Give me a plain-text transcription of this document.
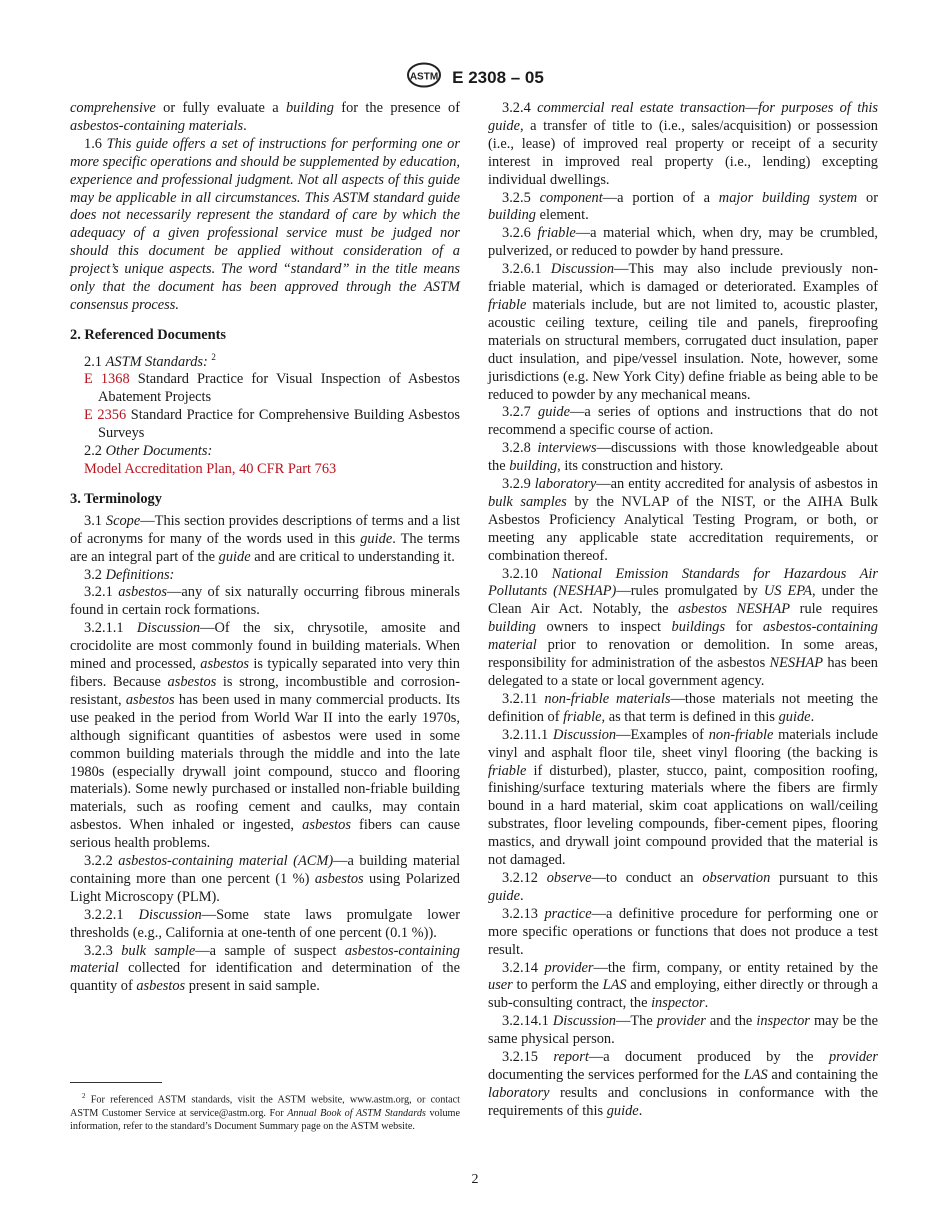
ASTM E 2308 – 05

comprehensive or fully evaluate a building for the presence of asbestos-containing materials.

1.6 This guide offers a set of instructions for performing one or more specific operations and should be supplemented by education, experience and professional judgment. Not all aspects of this guide may be applicable in all circumstances. This ASTM standard guide does not necessarily represent the standard of care by which the adequacy of a given professional service must be judged nor should this document be applied without consideration of a project’s unique aspects. The word “standard” in the title means only that the document has been approved through the ASTM consensus process.

2. Referenced Documents

2.1 ASTM Standards: $^2$

E 1368 Standard Practice for Visual Inspection of Asbestos Abatement Projects

E 2356 Standard Practice for Comprehensive Building Asbestos Surveys

2.2 Other Documents:

Model Accreditation Plan, 40 CFR Part 763

3. Terminology

3.1 Scope—This section provides descriptions of terms and a list of acronyms for many of the words used in this guide. The terms are an integral part of the guide and are critical to understanding it.

3.2 Definitions:

3.2.1 asbestos—any of six naturally occurring fibrous minerals found in certain rock formations.

3.2.1.1 Discussion—Of the six, chrysotile, amosite and crocidolite are most commonly found in building materials. When mined and processed, asbestos is typically separated into very thin fibers. Because asbestos is strong, incombustible and corrosion-resistant, asbestos has been used in many commercial products. Its use peaked in the period from World War II into the early 1970s, although significant quantities of asbestos were used in some common building materials through the middle and into the late 1980s (especially drywall joint compound, stucco and flooring materials). Some newly purchased or installed non-friable building materials, such as roofing cement and caulks, may contain asbestos. When inhaled or ingested, asbestos fibers can cause serious health problems.

3.2.2 asbestos-containing material (ACM)—a building material containing more than one percent (1 %) asbestos using Polarized Light Microscopy (PLM).

3.2.2.1 Discussion—Some state laws promulgate lower thresholds (e.g., California at one-tenth of one percent (0.1 %)).

3.2.3 bulk sample—a sample of suspect asbestos-containing material collected for identification and determination of the quantity of asbestos present in said sample.

$^2$ For referenced ASTM standards, visit the ASTM website, www.astm.org, or contact ASTM Customer Service at service@astm.org. For Annual Book of ASTM Standards volume information, refer to the standard’s Document Summary page on the ASTM website.

3.2.4 commercial real estate transaction—for purposes of this guide, a transfer of title to (i.e., sales/acquisition) or possession (i.e., lease) of improved real property or receipt of a security interest in improved real property (i.e., lending) excepting individual dwellings.

3.2.5 component—a portion of a major building system or building element.

3.2.6 friable—a material which, when dry, may be crumbled, pulverized, or reduced to powder by hand pressure.

3.2.6.1 Discussion—This may also include previously non-friable material, which is damaged or deteriorated. Examples of friable materials include, but are not limited to, acoustic plaster, acoustic ceiling texture, ceiling tile and panels, fireproofing materials on structural members, corrugated duct insulation, paper duct insulation, and pipe/vessel insulation. Note, however, some jurisdictions (e.g. New York City) define friable as being able to be reduced to powder by any mechanical means.

3.2.7 guide—a series of options and instructions that do not recommend a specific course of action.

3.2.8 interviews—discussions with those knowledgeable about the building, its construction and history.

3.2.9 laboratory—an entity accredited for analysis of asbestos in bulk samples by the NVLAP of the NIST, or the AIHA Bulk Asbestos Proficiency Analytical Testing Program, or both, or meeting any applicable state accreditation requirements, or combination thereof.

3.2.10 National Emission Standards for Hazardous Air Pollutants (NESHAP)—rules promulgated by US EPA, under the Clean Air Act. Notably, the asbestos NESHAP rule requires building owners to inspect buildings for asbestos-containing material prior to renovation or demolition. In some areas, responsibility for administration of the asbestos NESHAP has been delegated to a state or local government agency.

3.2.11 non-friable materials—those materials not meeting the definition of friable, as that term is defined in this guide.

3.2.11.1 Discussion—Examples of non-friable materials include vinyl and asphalt floor tile, sheet vinyl flooring (the backing is friable if disturbed), plaster, stucco, paint, composition roofing, finishing/surface texturing materials where the fibers are firmly bound in a hard material, skim coat applications on wall/ceiling substrates, floor leveling compounds, fiber-cement pipes, flooring mastics, and drywall joint compound provided that the material is not damaged.

3.2.12 observe—to conduct an observation pursuant to this guide.

3.2.13 practice—a definitive procedure for performing one or more specific operations or functions that does not produce a test result.

3.2.14 provider—the firm, company, or entity retained by the user to perform the LAS and employing, either directly or through a sub-consulting contract, the inspector.

3.2.14.1 Discussion—The provider and the inspector may be the same physical person.

3.2.15 report—a document produced by the provider documenting the services performed for the LAS and containing the laboratory results and conclusions in conformance with the requirements of this guide.

2
